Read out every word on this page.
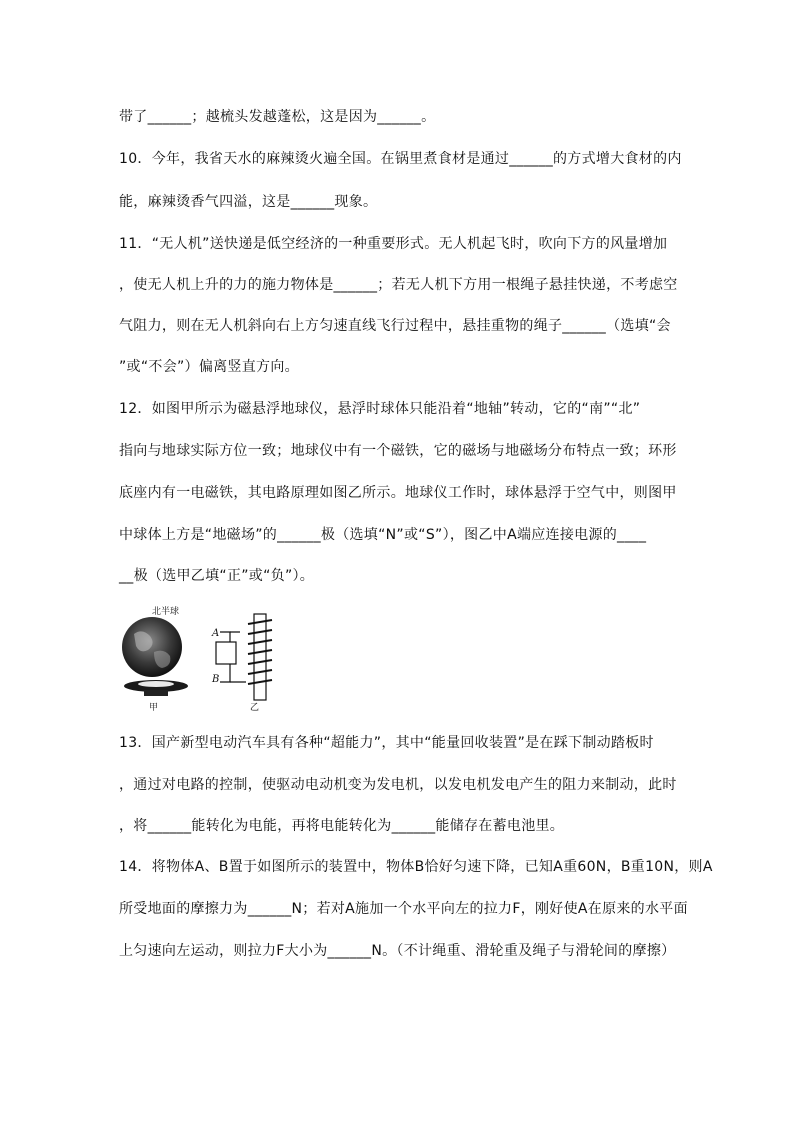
带了______；越梳头发越蓬松，这是因为______。
10．今年，我省天水的麻辣烫火遍全国。在锅里煮食材是通过______的方式增大食材的内
能，麻辣烫香气四溢，这是______现象。
11．“无人机”送快递是低空经济的一种重要形式。无人机起飞时，吹向下方的风量增加
，使无人机上升的力的施力物体是______；若无人机下方用一根绳子悬挂快递，不考虑空
气阻力，则在无人机斜向右上方匀速直线飞行过程中，悬挂重物的绳子______（选填“会
”或“不会”）偏离竖直方向。
12．如图甲所示为磁悬浮地球仪，悬浮时球体只能沿着“地轴”转动，它的“南”“北”
指向与地球实际方位一致；地球仪中有一个磁铁，它的磁场与地磁场分布特点一致；环形
底座内有一电磁铁，其电路原理如图乙所示。地球仪工作时，球体悬浮于空气中，则图甲
中球体上方是“地磁场”的______极（选填“N”或“S”），图乙中A端应连接电源的____
__极（选甲乙填“正”或“负”）。
北半球
甲
A
B
乙
13．国产新型电动汽车具有各种“超能力”，其中“能量回收装置”是在踩下制动踏板时
，通过对电路的控制，使驱动电动机变为发电机，以发电机发电产生的阻力来制动，此时
，将______能转化为电能，再将电能转化为______能储存在蓄电池里。
14．将物体A、B置于如图所示的装置中，物体B恰好匀速下降，已知A重60N，B重10N，则A
所受地面的摩擦力为______N；若对A施加一个水平向左的拉力F，刚好使A在原来的水平面
上匀速向左运动，则拉力F大小为______N。（不计绳重、滑轮重及绳子与滑轮间的摩擦）
